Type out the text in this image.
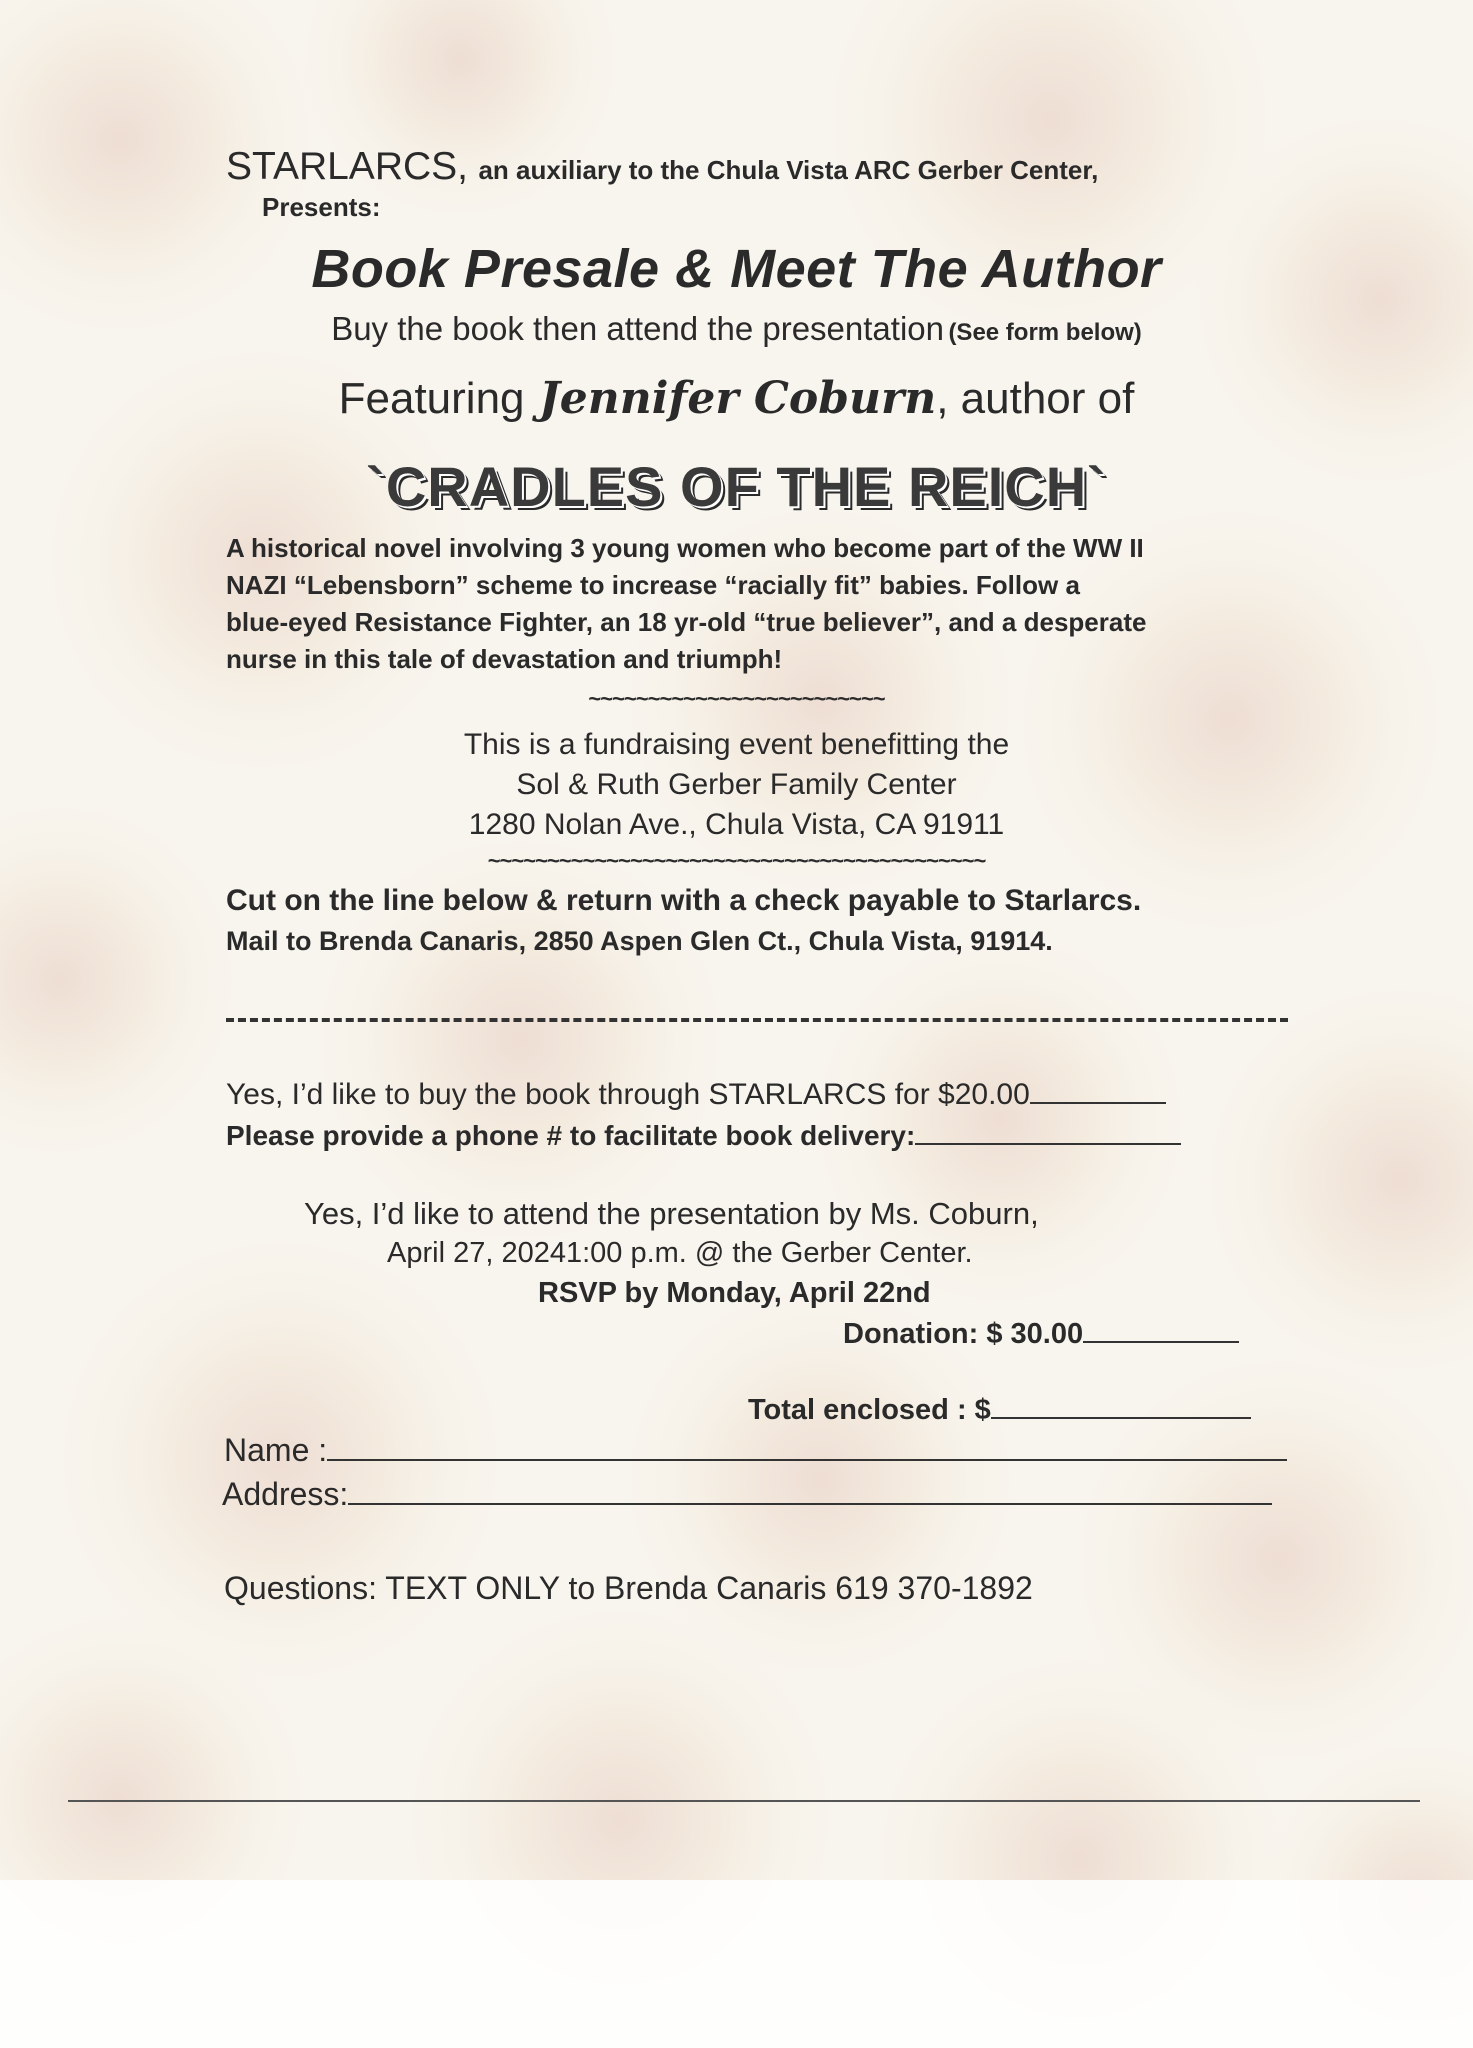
STARLARCS, an auxiliary to the Chula Vista ARC Gerber Center,
Presents:
Book Presale & Meet The Author
Buy the book then attend the presentation (See form below)
Featuring Jennifer Coburn, author of
`CRADLES OF THE REICH`
A historical novel involving 3 young women who become part of the WW II
NAZI “Lebensborn” scheme to increase “racially fit” babies. Follow a
blue-eyed Resistance Fighter, an 18 yr-old “true believer”, and a desperate
nurse in this tale of devastation and triumph!
~~~~~~~~~~~~~~~~~~~~~~~~~
This is a fundraising event benefitting the
Sol & Ruth Gerber Family Center
1280 Nolan Ave., Chula Vista, CA 91911
~~~~~~~~~~~~~~~~~~~~~~~~~~~~~~~~~~~~~~~~~~
Cut on the line below & return with a check payable to Starlarcs.
Mail to Brenda Canaris, 2850 Aspen Glen Ct., Chula Vista, 91914.
Yes, I’d like to buy the book through STARLARCS for $20.00
Please provide a phone # to facilitate book delivery:
Yes, I’d like to attend the presentation by Ms. Coburn,
April 27, 20241:00 p.m. @ the Gerber Center.
RSVP by Monday, April 22nd
Donation: $ 30.00
Total enclosed : $
Name :
Address:
Questions: TEXT ONLY to Brenda Canaris 619 370-1892
